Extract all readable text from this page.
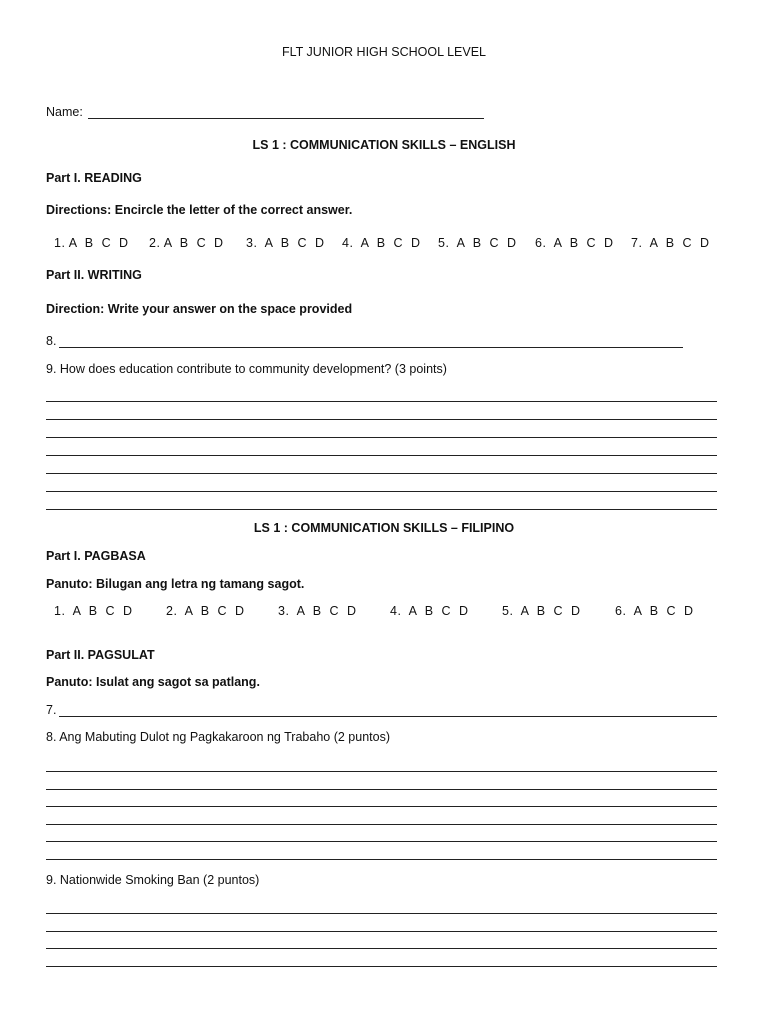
FLT JUNIOR HIGH SCHOOL LEVEL
Name:
LS 1 : COMMUNICATION SKILLS – ENGLISH
Part I. READING
Directions: Encircle the letter of the correct answer.
1. A  B  C  D 2. A  B  C  D 3.  A  B  C  D 4.  A  B  C  D 5.  A  B  C  D 6.  A  B  C  D 7.  A  B  C  D
Part II. WRITING
Direction: Write your answer on the space provided
8.
9. How does education contribute to community development? (3 points)
LS 1 : COMMUNICATION SKILLS – FILIPINO
Part I. PAGBASA
Panuto: Bilugan ang letra ng tamang sagot.
1.  A  B  C  D	2.  A  B  C  D	3.  A  B  C  D	4.  A  B  C  D	5.  A  B  C  D	6.  A  B  C  D
Part II. PAGSULAT
Panuto: Isulat ang sagot sa patlang.
7.
8. Ang Mabuting Dulot ng Pagkakaroon ng Trabaho (2 puntos)
9. Nationwide Smoking Ban (2 puntos)
